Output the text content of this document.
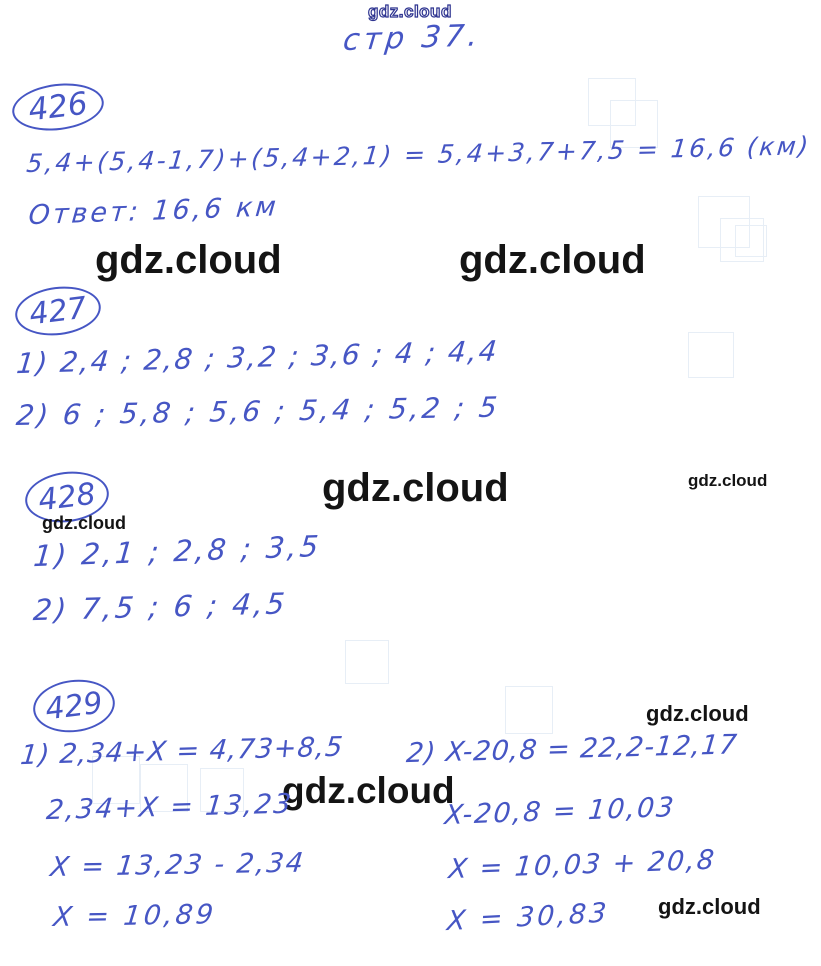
gdz.cloud
стр 37.
426
5,4+(5,4-1,7)+(5,4+2,1) = 5,4+3,7+7,5 = 16,6 (км)
Ответ: 16,6 км
gdz.cloud	gdz.cloud
427
1) 2,4 ; 2,8 ; 3,2 ; 3,6 ; 4 ; 4,4
2) 6 ; 5,8 ; 5,6 ; 5,4 ; 5,2 ; 5
428	gdz.cloud	gdz.cloud
gdz.cloud
1) 2,1 ; 2,8 ; 3,5
2) 7,5 ; 6 ; 4,5
429	gdz.cloud
1) 2,34+X = 4,73+8,5 2) X-20,8 = 22,2-12,17
gdz.cloud
2,34+X = 13,23	X-20,8 = 10,03
X = 13,23 - 2,34	X = 10,03 + 20,8
X = 10,89	X = 30,83 gdz.cloud
